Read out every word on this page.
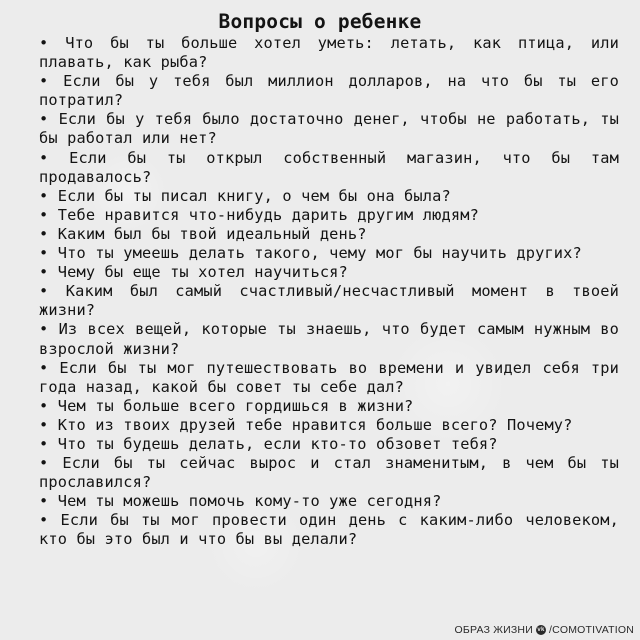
Вопросы о ребенке
• Что бы ты больше хотел уметь: летать, как птица, или плавать, как рыба?
• Если бы у тебя был миллион долларов, на что бы ты его потратил?
• Если бы у тебя было достаточно денег, чтобы не работать, ты бы работал или нет?
• Если бы ты открыл собственный магазин, что бы там продавалось?
• Если бы ты писал книгу, о чем бы она была?
• Тебе нравится что-нибудь дарить другим людям?
• Каким был бы твой идеальный день?
• Что ты умеешь делать такого, чему мог бы научить других?
• Чему бы еще ты хотел научиться?
• Каким был самый счастливый/несчастливый момент в твоей жизни?
• Из всех вещей, которые ты знаешь, что будет самым нужным во взрослой жизни?
• Если бы ты мог путешествовать во времени и увидел себя три года назад, какой бы совет ты себе дал?
• Чем ты больше всего гордишься в жизни?
• Кто из твоих друзей тебе нравится больше всего? Почему?
• Что ты будешь делать, если кто-то обзовет тебя?
• Если бы ты сейчас вырос и стал знаменитым, в чем бы ты прославился?
• Чем ты можешь помочь кому-то уже сегодня?
• Если бы ты мог провести один день с каким-либо человеком, кто бы это был и что бы вы делали?
ОБРАЗ ЖИЗНИ vk /COMOTIVATION
